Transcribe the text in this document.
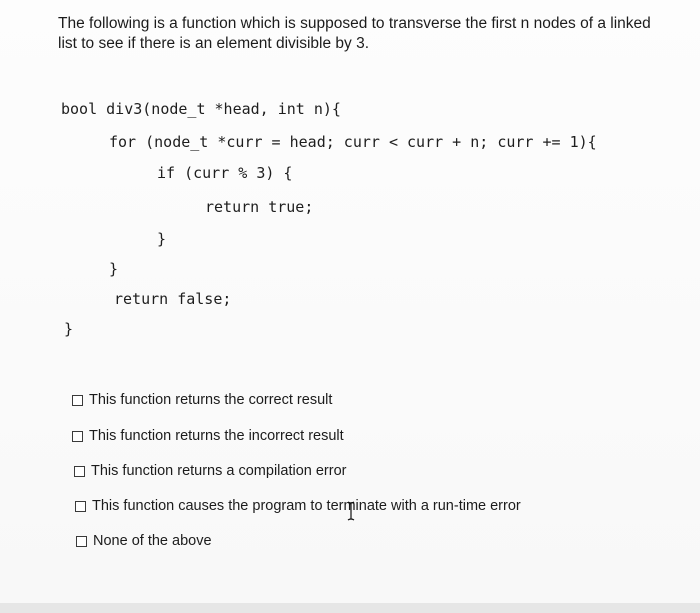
The following is a function which is supposed to transverse the first n nodes of a linked
list to see if there is an element divisible by 3.

bool div3(node_t *head, int n){
for (node_t *curr = head; curr < curr + n; curr += 1){
if (curr % 3) {
return true;
}
}
return false;
}
This function returns the correct result
This function returns the incorrect result
This function returns a compilation error
This function causes the program to terminate with a run-time error
None of the above
